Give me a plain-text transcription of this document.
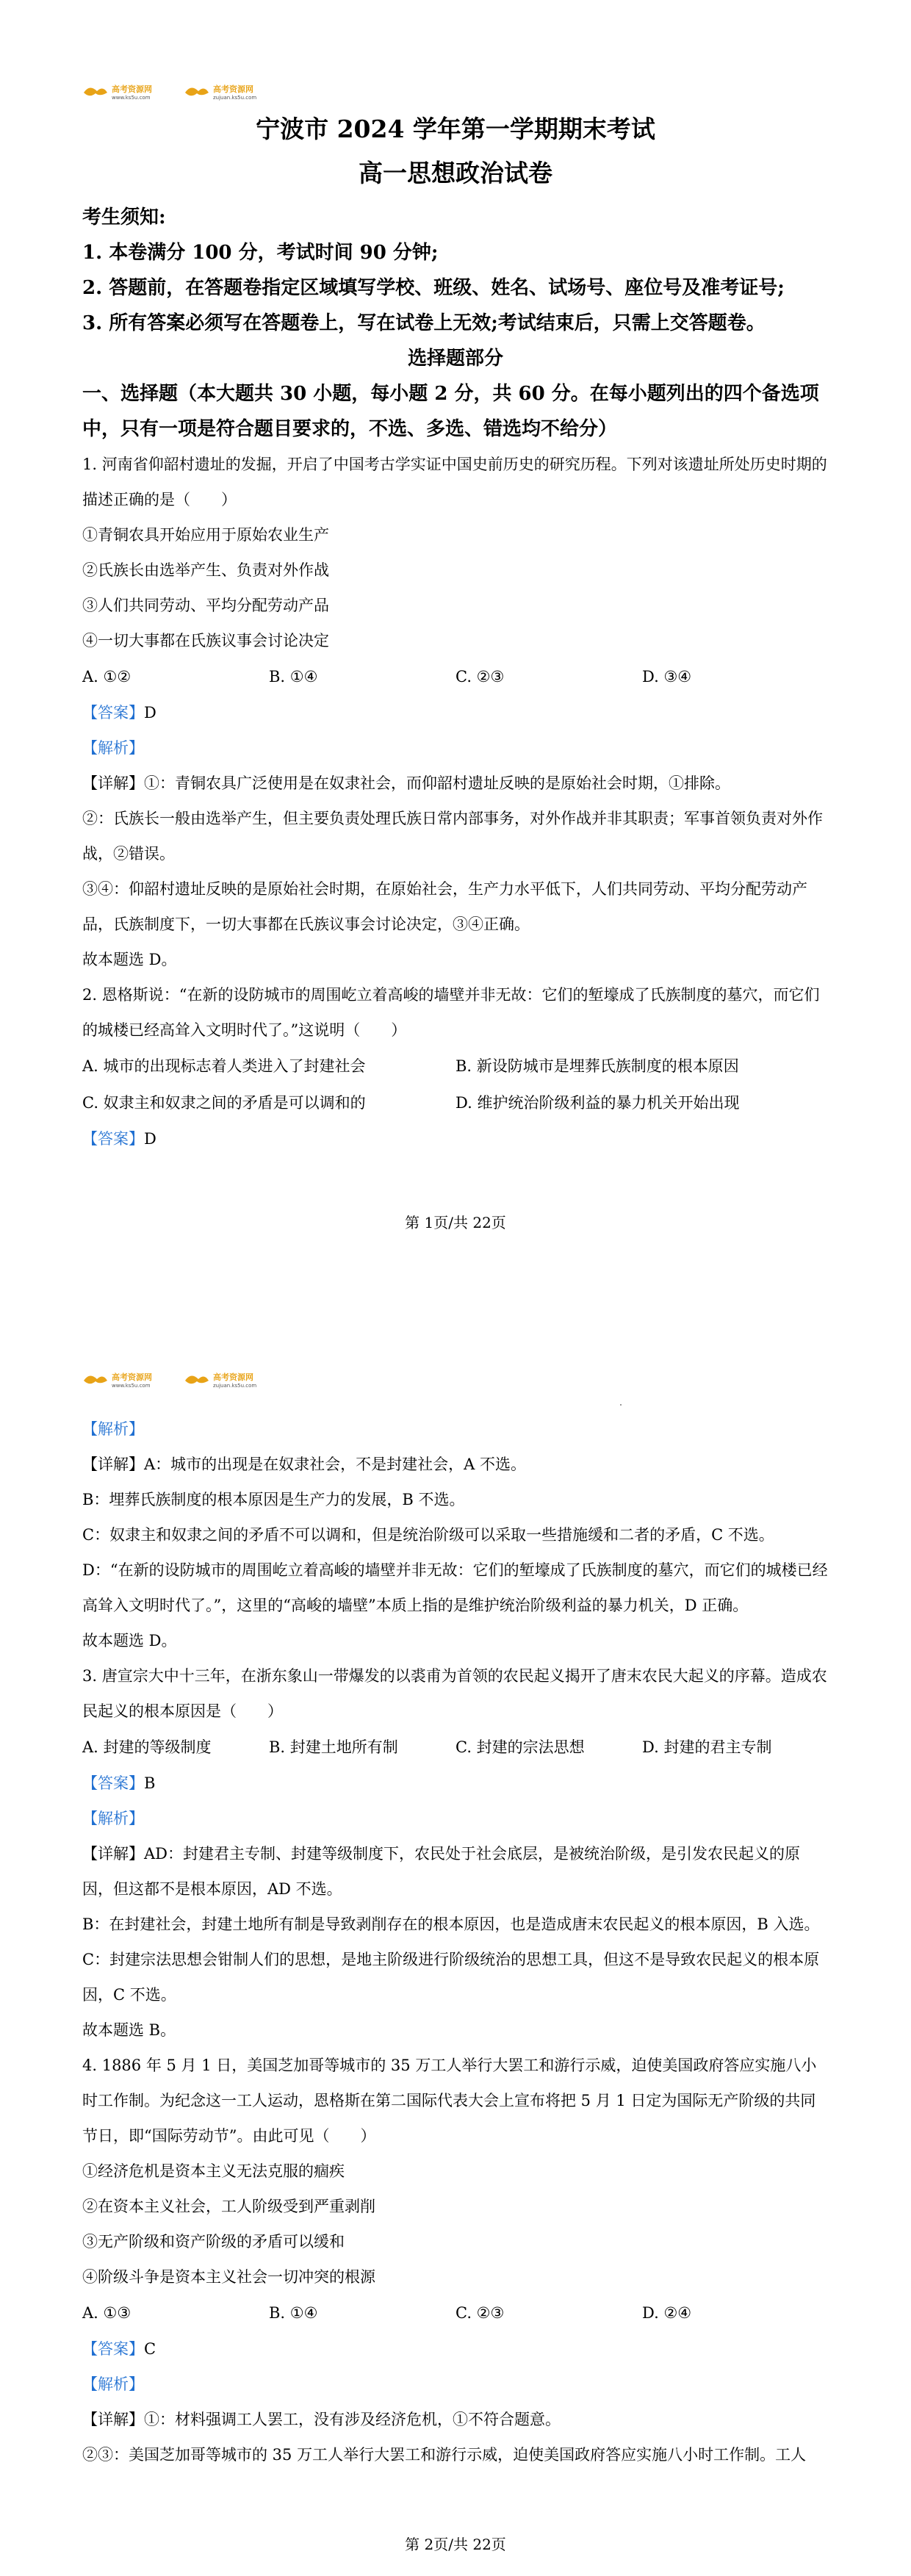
高考资源网
www.ks5u.com
高考资源网
zujuan.ks5u.com
宁波市 2024 学年第一学期期末考试
高一思想政治试卷
考生须知:
1. 本卷满分 100 分，考试时间 90 分钟;
2. 答题前，在答题卷指定区域填写学校、班级、姓名、试场号、座位号及准考证号;
3. 所有答案必须写在答题卷上，写在试卷上无效;考试结束后，只需上交答题卷。
选择题部分
一、选择题（本大题共 30 小题，每小题 2 分，共 60 分。在每小题列出的四个备选项中，只有一项是符合题目要求的，不选、多选、错选均不给分）
1. 河南省仰韶村遗址的发掘，开启了中国考古学实证中国史前历史的研究历程。下列对该遗址所处历史时期的描述正确的是（　　）
①青铜农具开始应用于原始农业生产
②氏族长由选举产生、负责对外作战
③人们共同劳动、平均分配劳动产品
④一切大事都在氏族议事会讨论决定
A. ①②	B. ①④	C. ②③	D. ③④
【答案】D
【解析】
【详解】①：青铜农具广泛使用是在奴隶社会，而仰韶村遗址反映的是原始社会时期，①排除。
②：氏族长一般由选举产生，但主要负责处理氏族日常内部事务，对外作战并非其职责；军事首领负责对外作战，②错误。
③④：仰韶村遗址反映的是原始社会时期，在原始社会，生产力水平低下，人们共同劳动、平均分配劳动产品，氏族制度下，一切大事都在氏族议事会讨论决定，③④正确。
故本题选 D。
2. 恩格斯说：“在新的设防城市的周围屹立着高峻的墙壁并非无故：它们的堑壕成了氏族制度的墓穴，而它们的城楼已经高耸入文明时代了。”这说明（　　）
A. 城市的出现标志着人类进入了封建社会	B. 新设防城市是埋葬氏族制度的根本原因
C. 奴隶主和奴隶之间的矛盾是可以调和的	D. 维护统治阶级利益的暴力机关开始出现
【答案】D
第 1页/共 22页
高考资源网
www.ks5u.com
高考资源网
zujuan.ks5u.com
【解析】
【详解】A：城市的出现是在奴隶社会，不是封建社会，A 不选。
B：埋葬氏族制度的根本原因是生产力的发展，B 不选。
C：奴隶主和奴隶之间的矛盾不可以调和，但是统治阶级可以采取一些措施缓和二者的矛盾，C 不选。
D：“在新的设防城市的周围屹立着高峻的墙壁并非无故：它们的堑壕成了氏族制度的墓穴，而它们的城楼已经高耸入文明时代了。”，这里的“高峻的墙壁”本质上指的是维护统治阶级利益的暴力机关，D 正确。
故本题选 D。
3. 唐宣宗大中十三年，在浙东象山一带爆发的以裘甫为首领的农民起义揭开了唐末农民大起义的序幕。造成农民起义的根本原因是（　　）
A. 封建的等级制度	B. 封建土地所有制	C. 封建的宗法思想	D. 封建的君主专制
【答案】B
【解析】
【详解】AD：封建君主专制、封建等级制度下，农民处于社会底层，是被统治阶级，是引发农民起义的原因，但这都不是根本原因，AD 不选。
B：在封建社会，封建土地所有制是导致剥削存在的根本原因，也是造成唐末农民起义的根本原因，B 入选。
C：封建宗法思想会钳制人们的思想，是地主阶级进行阶级统治的思想工具，但这不是导致农民起义的根本原因，C 不选。
故本题选 B。
4. 1886 年 5 月 1 日，美国芝加哥等城市的 35 万工人举行大罢工和游行示威，迫使美国政府答应实施八小时工作制。为纪念这一工人运动，恩格斯在第二国际代表大会上宣布将把 5 月 1 日定为国际无产阶级的共同节日，即“国际劳动节”。由此可见（　　）
①经济危机是资本主义无法克服的痼疾
②在资本主义社会，工人阶级受到严重剥削
③无产阶级和资产阶级的矛盾可以缓和
④阶级斗争是资本主义社会一切冲突的根源
A. ①③	B. ①④	C. ②③	D. ②④
【答案】C
【解析】
【详解】①：材料强调工人罢工，没有涉及经济危机，①不符合题意。
②③：美国芝加哥等城市的 35 万工人举行大罢工和游行示威，迫使美国政府答应实施八小时工作制。工人
第 2页/共 22页
